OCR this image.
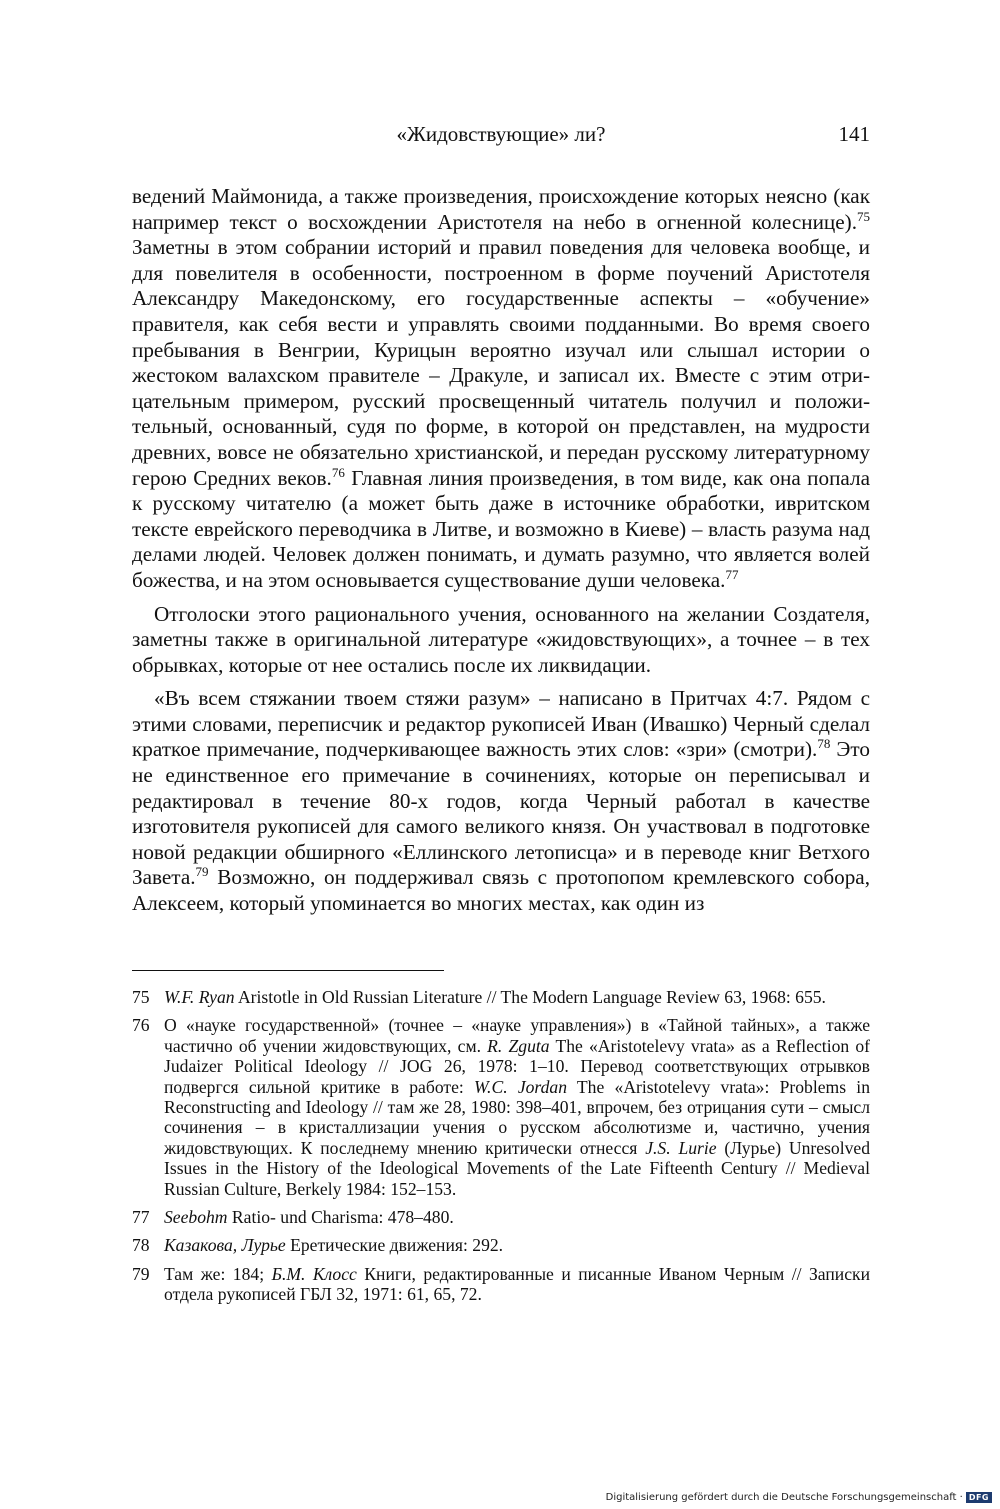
«Жидовствующие» ли?	141

ведений Маймонида, а также произведения, происхождение которых неясно (как например текст о восхождении Аристотеля на небо в огненной колеснице).$^{75}$ Заметны в этом собрании историй и правил поведения для человека вообще, и для повелителя в особенности, построенном в форме поучений Аристотеля Александру Македонскому, его государственные аспекты – «обучение» правителя, как себя вести и управлять своими подданными. Во время своего пребывания в Венгрии, Курицын вероятно изучал или слышал истории о жестоком валахском правителе – Дракуле, и записал их. Вместе с этим отрицательным примером, русский просвещенный читатель получил и положительный, основанный, судя по форме, в которой он представлен, на мудрости древних, вовсе не обязательно христианской, и передан русскому литературному герою Средних веков.$^{76}$ Главная линия произведения, в том виде, как она попала к русскому читателю (а может быть даже в источнике обработки, ивритском тексте еврейского переводчика в Литве, и возможно в Киеве) – власть разума над делами людей. Человек должен понимать, и думать разумно, что является волей божества, и на этом основывается существование души человека.$^{77}$

Отголоски этого рационального учения, основанного на желании Создателя, заметны также в оригинальной литературе «жидовствующих», а точнее – в тех обрывках, которые от нее остались после их ликвидации.

«Въ всем стяжании твоем стяжи разум» – написано в Притчах 4:7. Рядом с этими словами, переписчик и редактор рукописей Иван (Ивашко) Черный сделал краткое примечание, подчеркивающее важность этих слов: «зри» (смотри).$^{78}$ Это не единственное его примечание в сочинениях, которые он переписывал и редактировал в течение 80-х годов, когда Черный работал в качестве изготовителя рукописей для самого великого князя. Он участвовал в подготовке новой редакции обширного «Еллинского летописца» и в переводе книг Ветхого Завета.$^{79}$ Возможно, он поддерживал связь с протопопом кремлевского собора, Алексеем, который упоминается во многих местах, как один из

75 W.F. Ryan Aristotle in Old Russian Literature // The Modern Language Review 63, 1968: 655.
76 О «науке государственной» (точнее – «науке управления») в «Тайной тайных», а также частично об учении жидовствующих, см. R. Zguta The «Aristotelevy vrata» as a Reflection of Judaizer Political Ideology // JOG 26, 1978: 1–10. Перевод соответствующих отрывков подвергся сильной критике в работе: W.C. Jordan The «Aristotelevy vrata»: Problems in Reconstructing and Ideology // там же 28, 1980: 398–401, впрочем, без отрицания сути – смысл сочинения – в кристаллизации учения о русском абсолютизме и, частично, учения жидовствующих. К последнему мнению критически отнесся J.S. Lurie (Лурье) Unresolved Issues in the History of the Ideological Movements of the Late Fifteenth Century // Medieval Russian Culture, Berkely 1984: 152–153.
77 Seebohm Ratio- und Charisma: 478–480.
78 Казакова, Лурье Еретические движения: 292.
79 Там же: 184; Б.М. Клосс Книги, редактированные и писанные Иваном Черным // Записки отдела рукописей ГБЛ 32, 1971: 61, 65, 72.
Digitalisierung gefördert durch die Deutsche Forschungsgemeinschaft · DFG
